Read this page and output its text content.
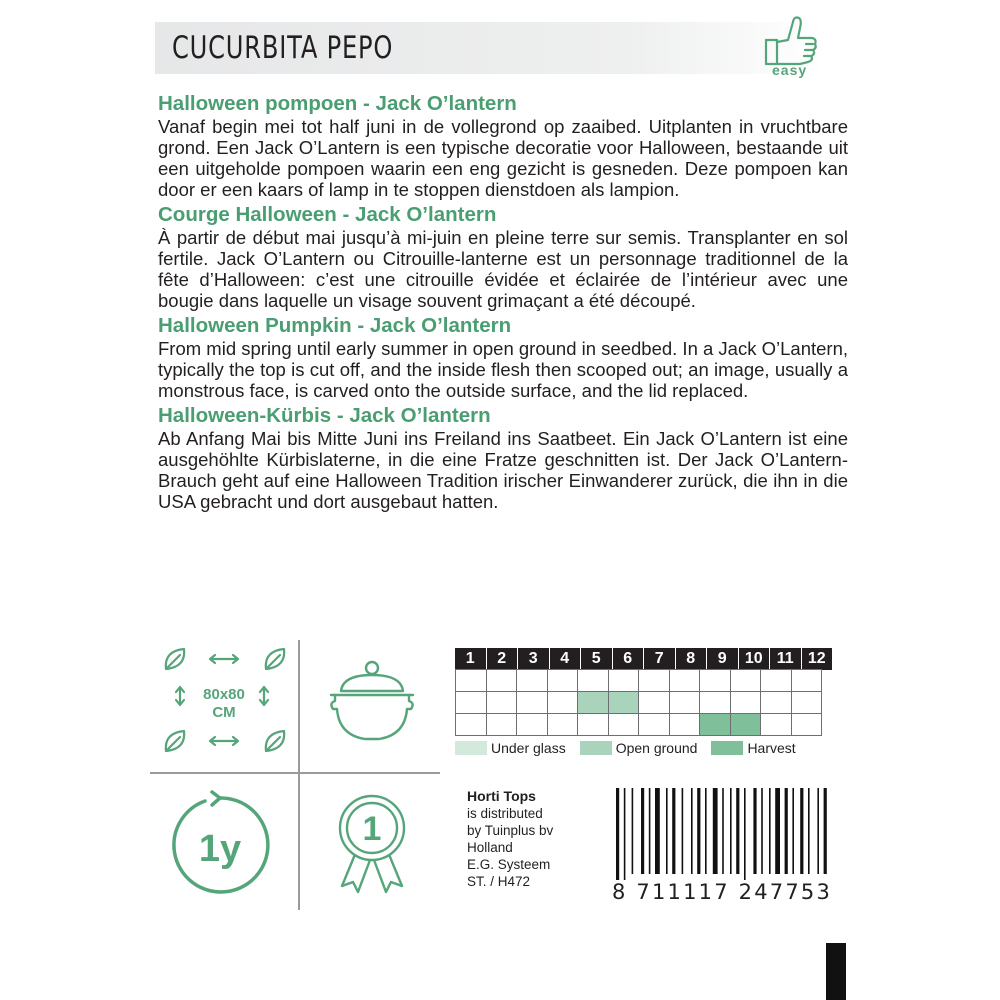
CUCURBITA PEPO
easy
Halloween pompoen - Jack O’lantern
Vanaf begin mei tot half juni in de vollegrond op zaaibed. Uitplanten in vruchtbare grond. Een Jack O’Lantern is een typische decoratie voor Halloween, bestaande uit een uitgeholde pompoen waarin een eng gezicht is gesneden. Deze pompoen kan door er een kaars of lamp in te stoppen dienstdoen als lampion.
Courge Halloween - Jack O’lantern
À partir de début mai jusqu’à mi-juin en pleine terre sur semis. Transplanter en sol fertile. Jack O’Lantern ou Citrouille-lanterne est un personnage traditionnel de la fête d’Halloween: c’est une citrouille évidée et éclairée de l’intérieur avec une bougie dans laquelle un visage souvent grimaçant a été découpé.
Halloween Pumpkin - Jack O’lantern
From mid spring until early summer in open ground in seedbed. In a Jack O’Lantern, typically the top is cut off, and the inside flesh then scooped out; an image, usually a monstrous face, is carved onto the outside surface, and the lid replaced.
Halloween-Kürbis - Jack O’lantern
Ab Anfang Mai bis Mitte Juni ins Freiland ins Saatbeet. Ein Jack O’Lantern ist eine ausgehöhlte Kürbislaterne, in die eine Fratze geschnitten ist. Der Jack O’Lantern-Brauch geht auf eine Halloween Tradition irischer Einwanderer zurück, die ihn in die USA gebracht und dort ausgebaut hatten.
80x80
CM
1y	1
1	2	3	4	5	6	7	8	9	10 11 12
Under glass	Open ground	Harvest
Horti Tops
is distributed
by Tuinplus bv
Holland
E.G. Systeem
ST. / H472	8 711117 247753
